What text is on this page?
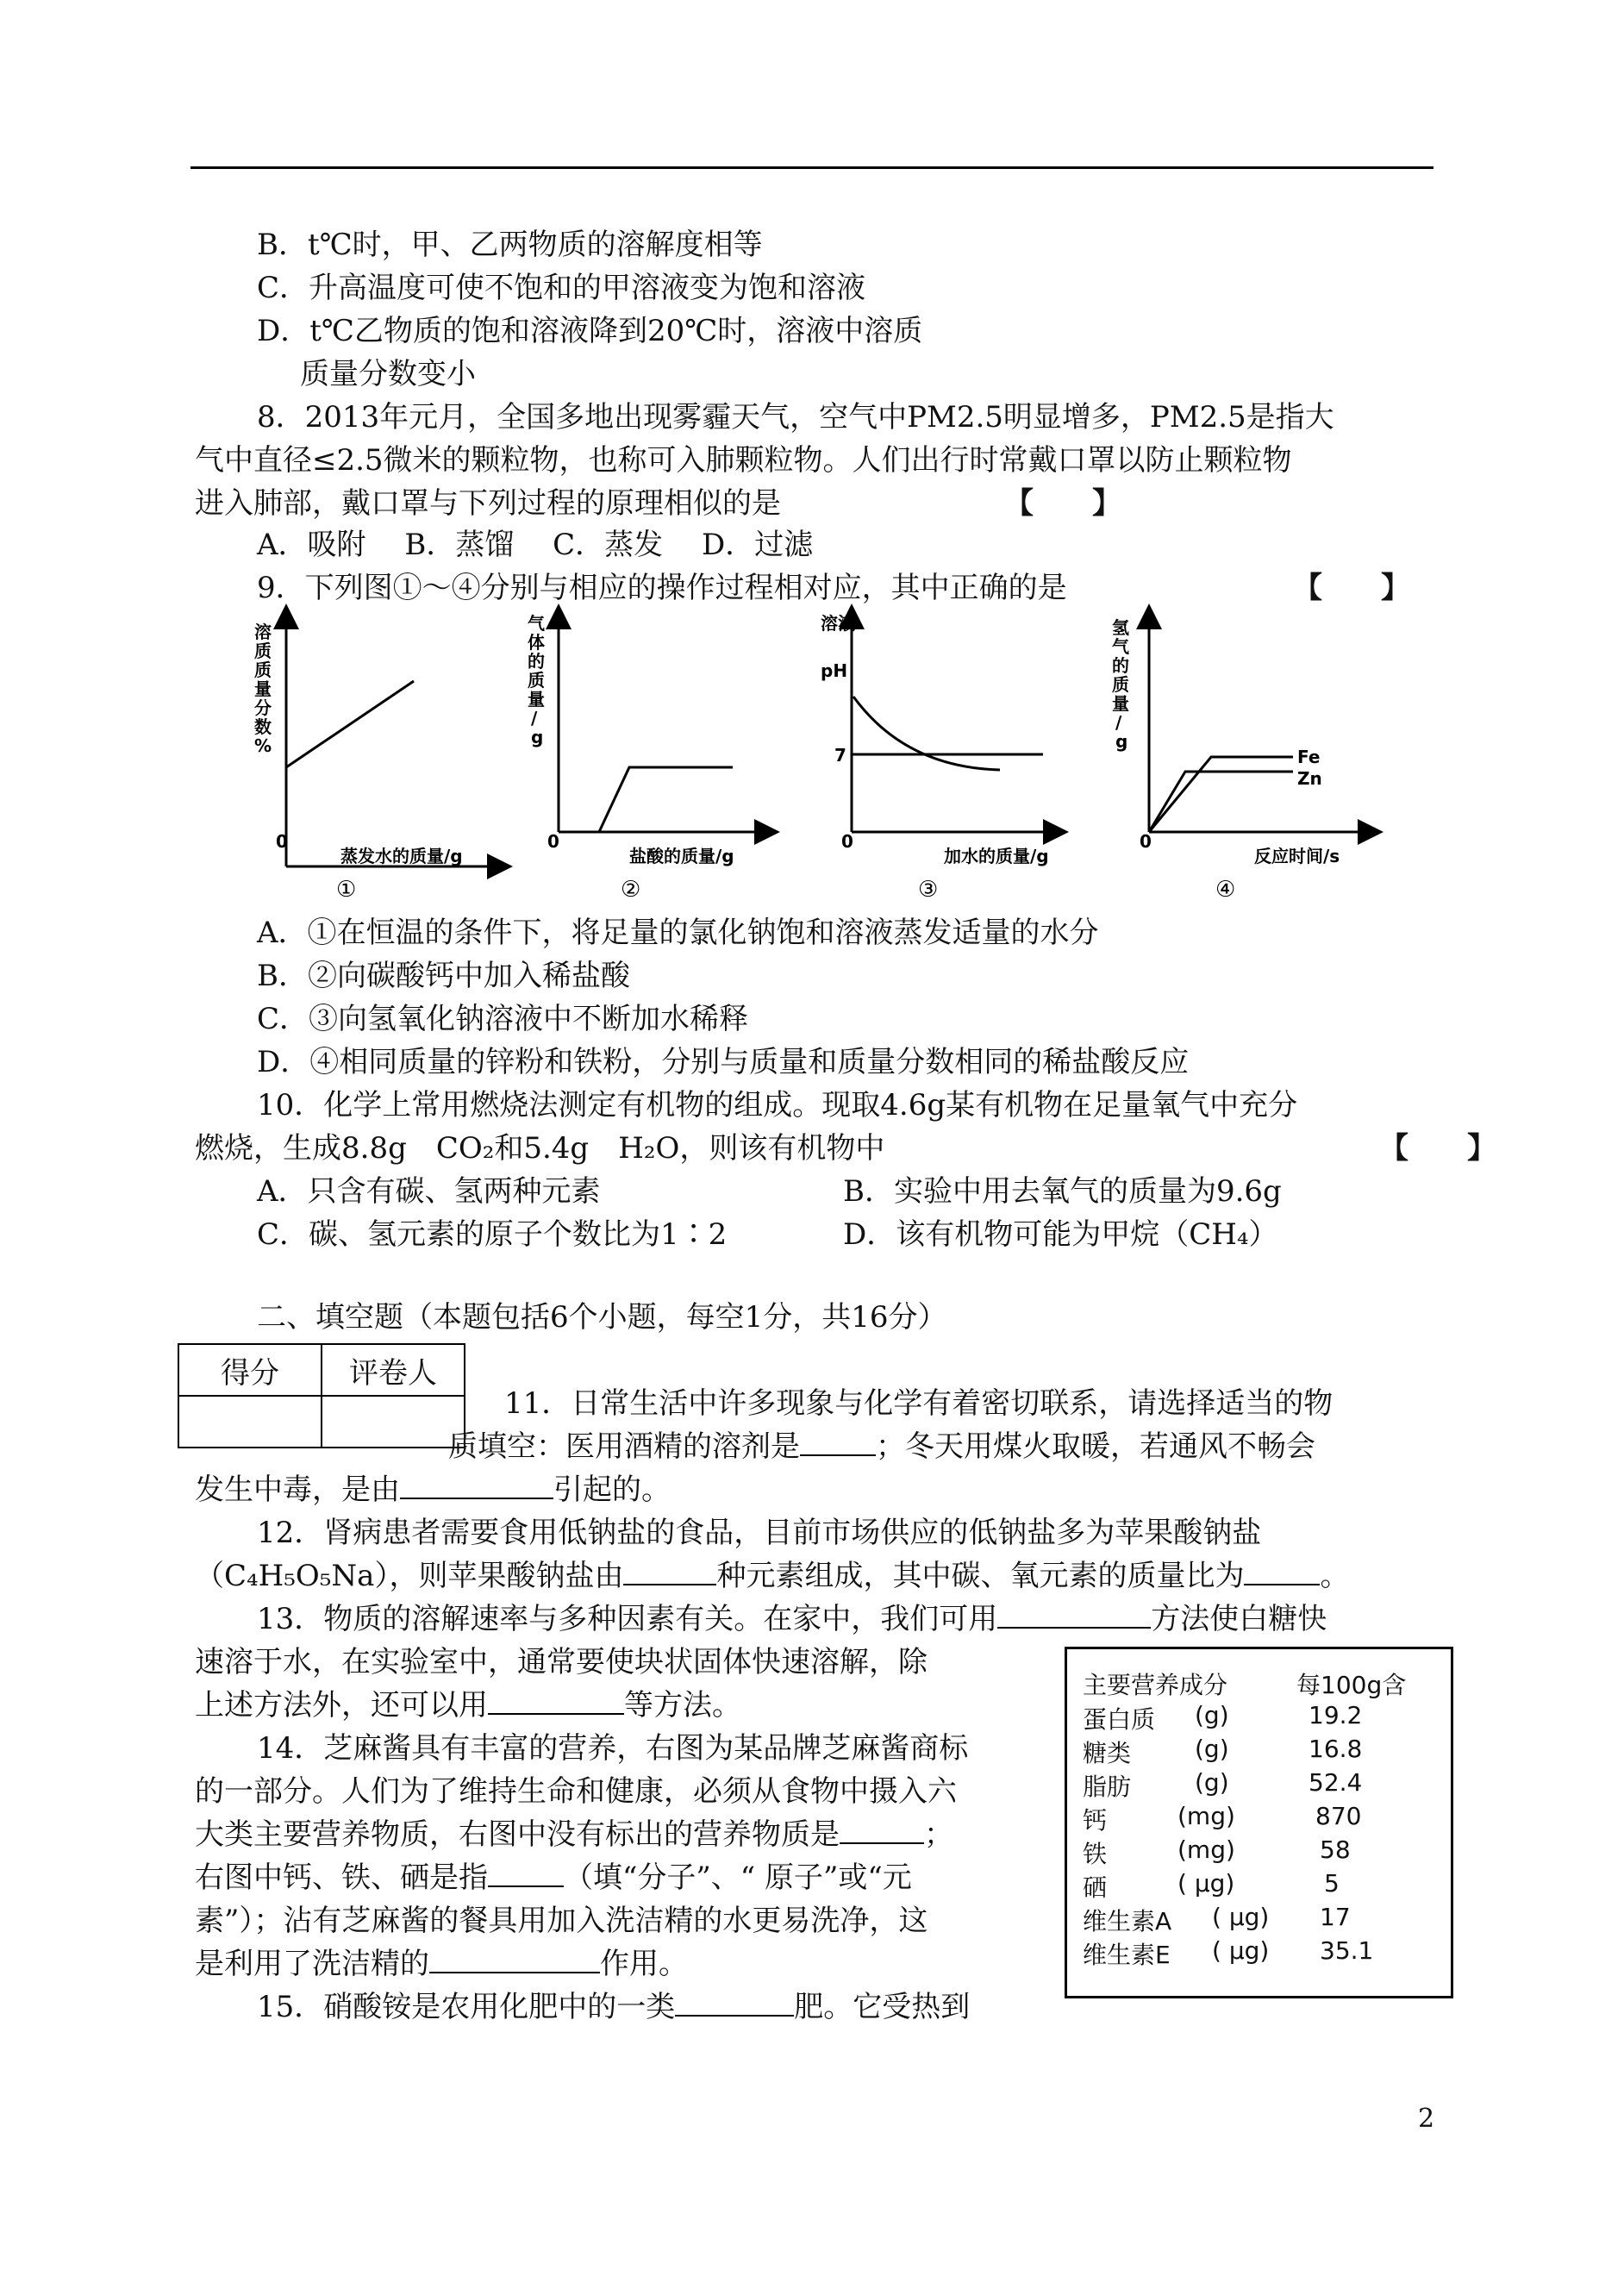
B．t℃时，甲、乙两物质的溶解度相等
C．升高温度可使不饱和的甲溶液变为饱和溶液
D．t℃乙物质的饱和溶液降到20℃时，溶液中溶质
质量分数变小
8．2013年元月，全国多地出现雾霾天气，空气中PM2.5明显增多，PM2.5是指大
气中直径≤2.5微米的颗粒物，也称可入肺颗粒物。人们出行时常戴口罩以防止颗粒物
进入肺部，戴口罩与下列过程的原理相似的是	【　　】
A．吸附　 B．蒸馏　 C．蒸发　 D．过滤
9．下列图①～④分别与相应的操作过程相对应，其中正确的是	【　　】
溶质质量分数%
0
蒸发水的质量/g
①
气体的质量/ g
0
盐酸的质量/g
②
溶液
pH
7
0
加水的质量/g
③
Fe
Zn
氢气的质量/ g
0
反应时间/s
④
A．①在恒温的条件下，将足量的氯化钠饱和溶液蒸发适量的水分
B．②向碳酸钙中加入稀盐酸
C．③向氢氧化钠溶液中不断加水稀释
D．④相同质量的锌粉和铁粉，分别与质量和质量分数相同的稀盐酸反应
10．化学上常用燃烧法测定有机物的组成。现取4.6g某有机物在足量氧气中充分
燃烧，生成8.8g　CO₂和5.4g　H₂O，则该有机物中	【　　】
A．只含有碳、氢两种元素	B．实验中用去氧气的质量为9.6g
C．碳、氢元素的原子个数比为1∶2	D．该有机物可能为甲烷（CH₄）
二、填空题（本题包括6个小题，每空1分，共16分）
得分	评卷人

11．日常生活中许多现象与化学有着密切联系，请选择适当的物
质填空：医用酒精的溶剂是	；冬天用煤火取暖，若通风不畅会
发生中毒，是由	引起的。
12．肾病患者需要食用低钠盐的食品，目前市场供应的低钠盐多为苹果酸钠盐
（C₄H₅O₅Na），则苹果酸钠盐由	种元素组成，其中碳、氧元素的质量比为	。
13．物质的溶解速率与多种因素有关。在家中，我们可用	方法使白糖快
速溶于水，在实验室中，通常要使块状固体快速溶解，除
上述方法外，还可以用	等方法。
14．芝麻酱具有丰富的营养，右图为某品牌芝麻酱商标
的一部分。人们为了维持生命和健康，必须从食物中摄入六
大类主要营养物质，右图中没有标出的营养物质是	；
右图中钙、铁、硒是指	（填“分子”、“ 原子”或“元
素”）；沾有芝麻酱的餐具用加入洗洁精的水更易洗净，这
是利用了洗洁精的	作用。
15．硝酸铵是农用化肥中的一类	肥。它受热到
主要营养成分	每100g含
蛋白质 (g)	19.2
糖类	(g)	16.8
脂肪	(g)	52.4
钙	(mg)	870
铁	(mg)	58
硒	( μg)	5
维生素A ( μg) 17
维生素E ( μg) 35.1
2
